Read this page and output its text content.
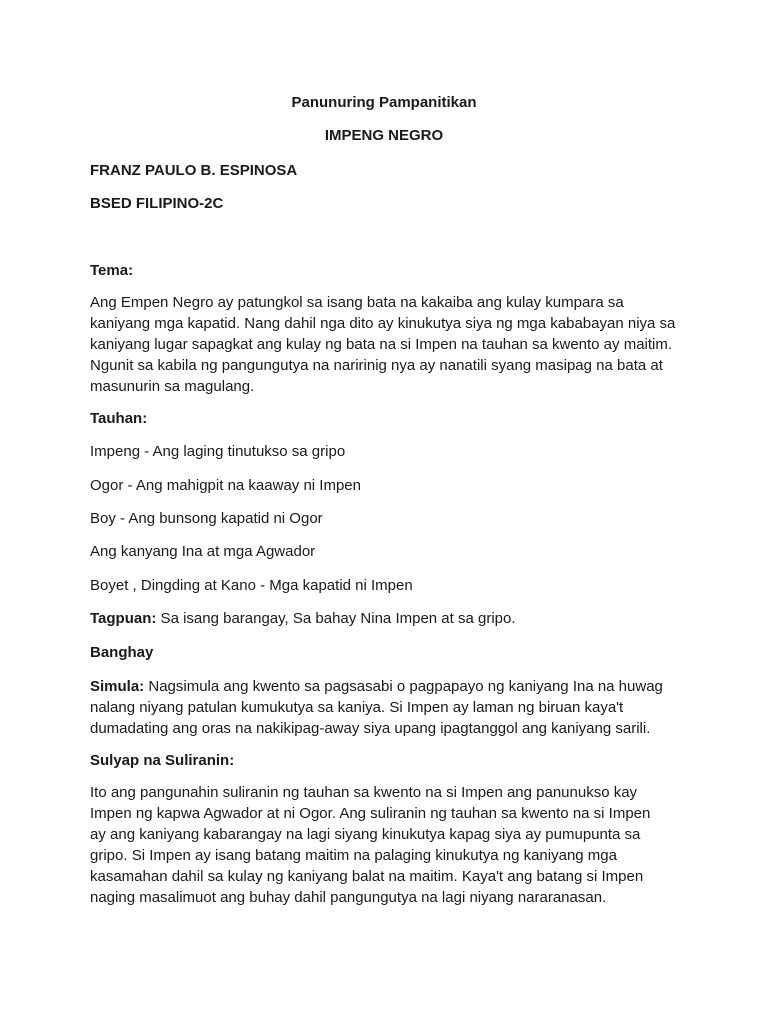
Panunuring Pampanitikan
IMPENG NEGRO
FRANZ PAULO B. ESPINOSA
BSED FILIPINO-2C
Tema:
Ang Empen Negro ay patungkol sa isang bata na kakaiba ang kulay kumpara sa kaniyang mga kapatid. Nang dahil nga dito ay kinukutya siya ng mga kababayan niya sa kaniyang lugar sapagkat ang kulay ng bata na si Impen na tauhan sa kwento ay maitim. Ngunit sa kabila ng pangungutya na naririnig nya ay nanatili syang masipag na bata at masunurin sa magulang.
Tauhan:
Impeng - Ang laging tinutukso sa gripo
Ogor - Ang mahigpit na kaaway ni Impen
Boy - Ang bunsong kapatid ni Ogor
Ang kanyang Ina at mga Agwador
Boyet , Dingding at Kano - Mga kapatid ni Impen
Tagpuan: Sa isang barangay, Sa bahay Nina Impen at sa gripo.
Banghay
Simula: Nagsimula ang kwento sa pagsasabi o pagpapayo ng kaniyang Ina na huwag nalang niyang patulan kumukutya sa kaniya. Si Impen ay laman ng biruan kaya't dumadating ang oras na nakikipag-away siya upang ipagtanggol ang kaniyang sarili.
Sulyap na Suliranin:
Ito ang pangunahin suliranin ng tauhan sa kwento na si Impen ang panunukso kay Impen ng kapwa Agwador at ni Ogor. Ang suliranin ng tauhan sa kwento na si Impen ay ang kaniyang kabarangay na lagi siyang kinukutya kapag siya ay pumupunta sa gripo. Si Impen ay isang batang maitim na palaging kinukutya ng kaniyang mga kasamahan dahil sa kulay ng kaniyang balat na maitim. Kaya't ang batang si Impen naging masalimuot ang buhay dahil pangungutya na lagi niyang nararanasan.
